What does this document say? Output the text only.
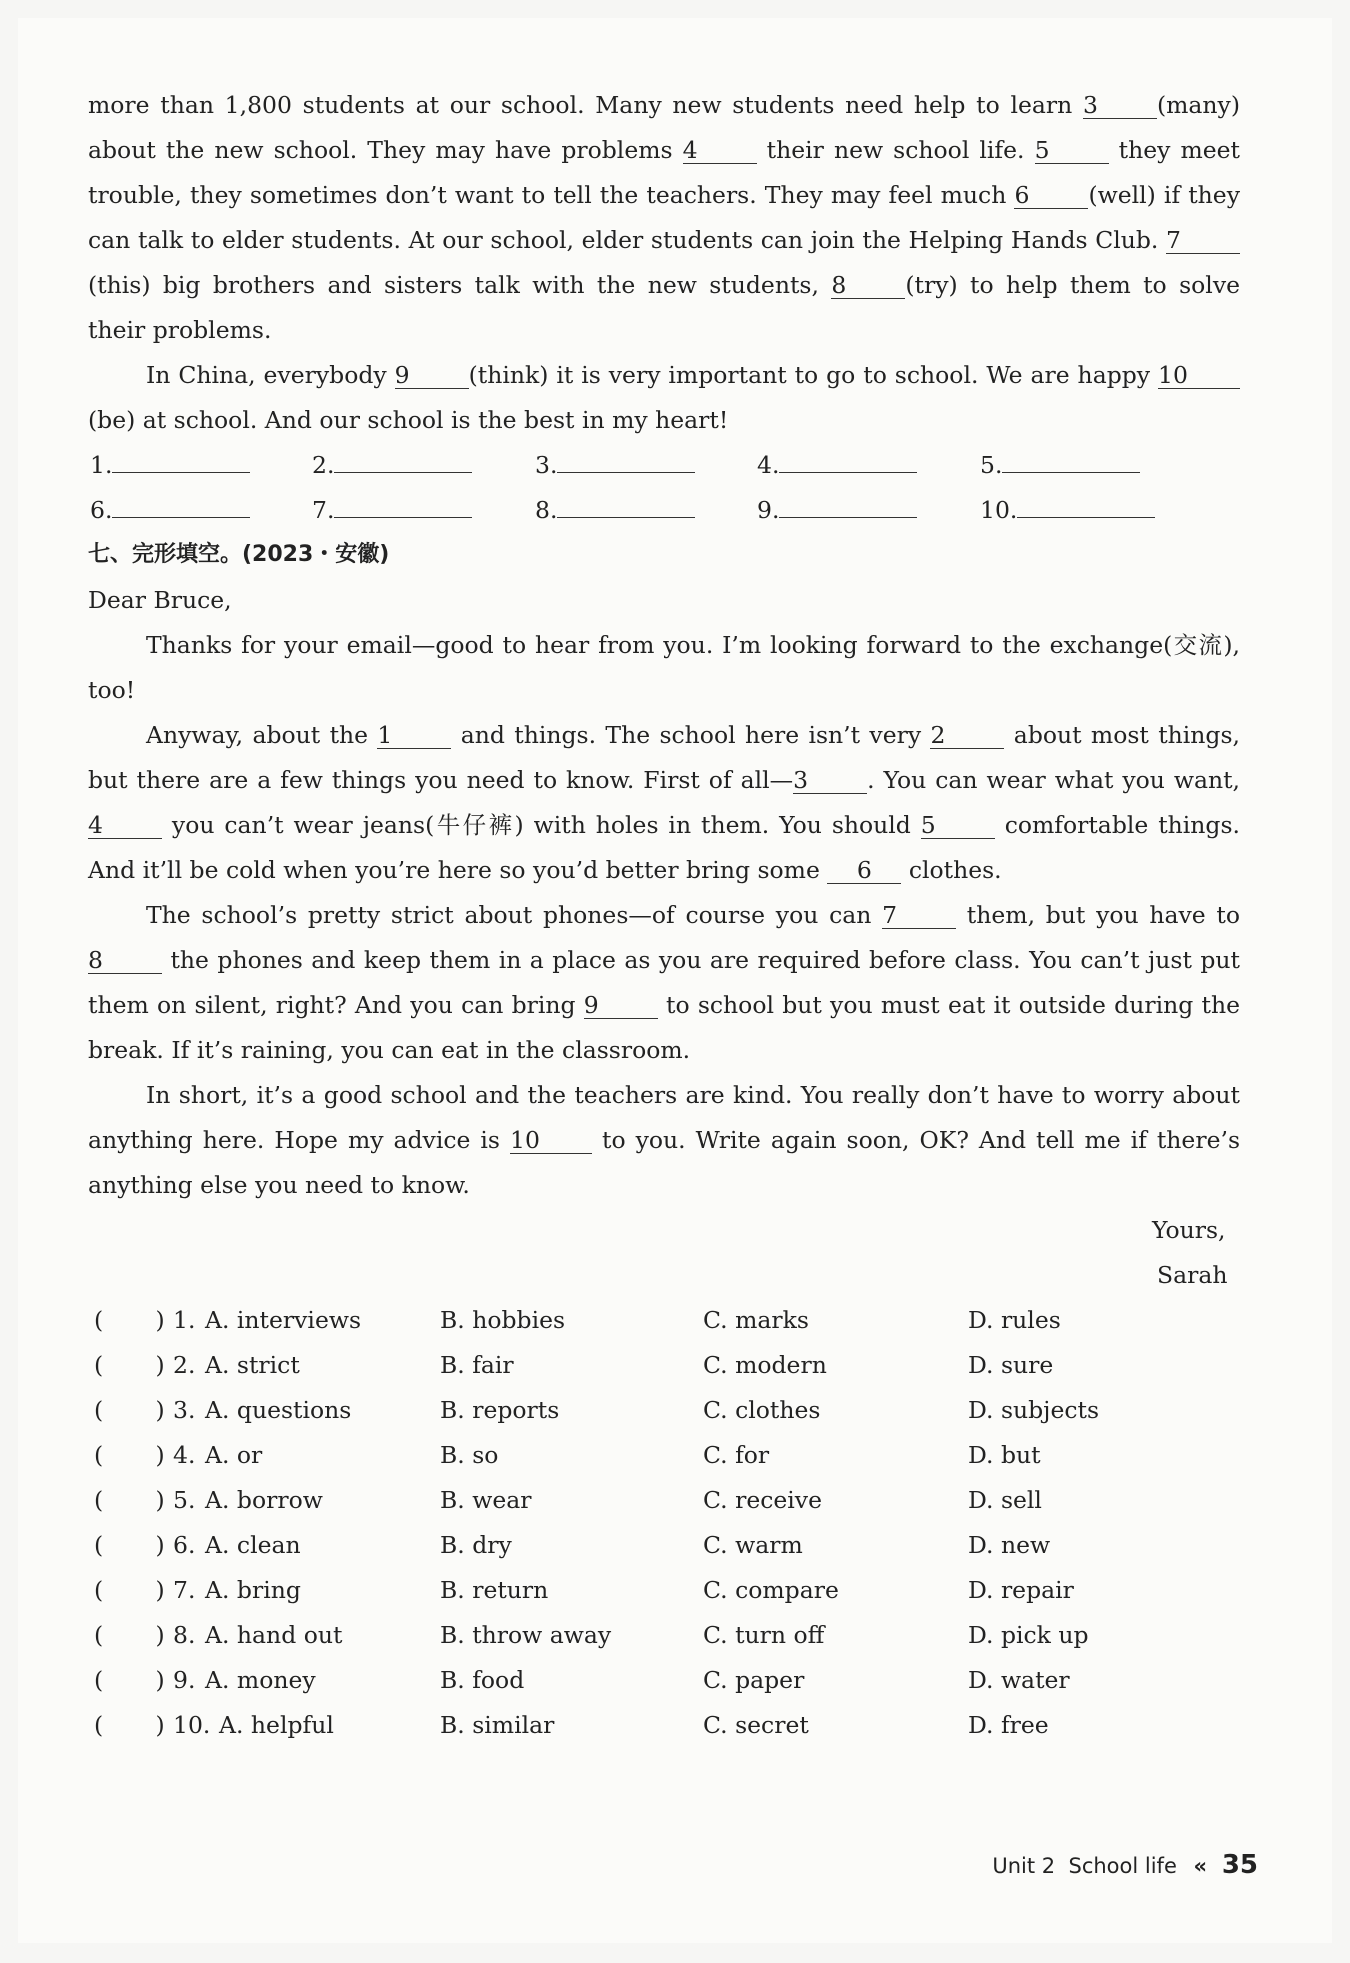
more than 1,800 students at our school. Many new students need help to learn 3	(many)
about the new school. They may have problems 4	their new school life. 5	they meet
trouble, they sometimes don’t want to tell the teachers. They may feel much 6	(well) if they
can talk to elder students. At our school, elder students can join the Helping Hands Club. 7
(this) big brothers and sisters talk with the new students, 8	(try) to help them to solve
their problems.
In China, everybody 9	(think) it is very important to go to school. We are happy 10
(be) at school. And our school is the best in my heart!
1.	2.	3.	4.	5.
6.	7.	8.	9.	10.
七、完形填空。(2023・安徽)
Dear Bruce,
Thanks for your email—good to hear from you. I’m looking forward to the exchange(交流),
too!
Anyway, about the 1	and things. The school here isn’t very 2	about most things,
but there are a few things you need to know. First of all—3	. You can wear what you want,
4	you can’t wear jeans(牛仔裤) with holes in them. You should 5	comfortable things.
And it’ll be cold when you’re here so you’d better bring some 6 clothes.
The school’s pretty strict about phones—of course you can 7	them, but you have to
8	the phones and keep them in a place as you are required before class. You can’t just put
them on silent, right? And you can bring 9	to school but you must eat it outside during the
break. If it’s raining, you can eat in the classroom.
In short, it’s a good school and the teachers are kind. You really don’t have to worry about
anything here. Hope my advice is 10 to you. Write again soon, OK? And tell me if there’s
anything else you need to know.
Yours,
Sarah
(       ) 1. A. interviews	B. hobbies	C. marks	D. rules
(       ) 2. A. strict	B. fair	C. modern	D. sure
(       ) 3. A. questions	B. reports	C. clothes	D. subjects
(       ) 4. A. or	B. so	C. for	D. but
(       ) 5. A. borrow	B. wear	C. receive	D. sell
(       ) 6. A. clean	B. dry	C. warm	D. new
(       ) 7. A. bring	B. return	C. compare	D. repair
(       ) 8. A. hand out	B. throw away	C. turn off	D. pick up
(       ) 9. A. money	B. food	C. paper	D. water
(       ) 10. A. helpful	B. similar	C. secret	D. free
Unit 2 School life « 35
